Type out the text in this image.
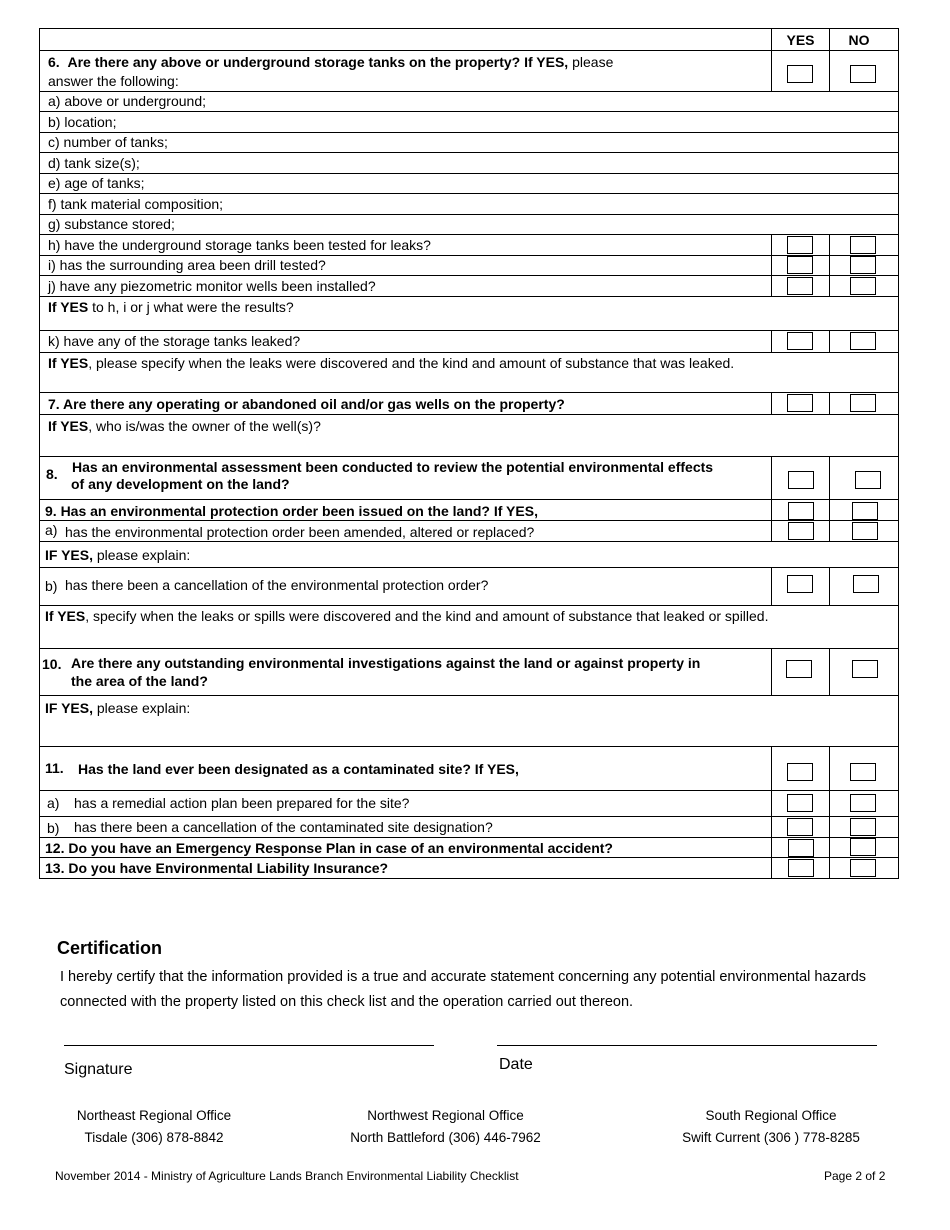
YES	NO
6. Are there any above or underground storage tanks on the property? If YES, please
answer the following:
a) above or underground;
b) location;
c) number of tanks;
d) tank size(s);
e) age of tanks;
f) tank material composition;
g) substance stored;
h) have the underground storage tanks been tested for leaks?
i) has the surrounding area been drill tested?
j) have any piezometric monitor wells been installed?
If YES to h, i or j what were the results?
k) have any of the storage tanks leaked?
If YES, please specify when the leaks were discovered and the kind and amount of substance that was leaked.
7. Are there any operating or abandoned oil and/or gas wells on the property?
If YES, who is/was the owner of the well(s)?
8. Has an environmental assessment been conducted to review the potential environmental effects
of any development on the land?
9. Has an environmental protection order been issued on the land? If YES,
a) has the environmental protection order been amended, altered or replaced?
IF YES, please explain:
b) has there been a cancellation of the environmental protection order?
If YES, specify when the leaks or spills were discovered and the kind and amount of substance that leaked or spilled.
10. Are there any outstanding environmental investigations against the land or against property in
the area of the land?
IF YES, please explain:
11. Has the land ever been designated as a contaminated site? If YES,
a) has a remedial action plan been prepared for the site?
b) has there been a cancellation of the contaminated site designation?
12. Do you have an Emergency Response Plan in case of an environmental accident?
13. Do you have Environmental Liability Insurance?
Certification
I hereby certify that the information provided is a true and accurate statement concerning any potential environmental hazards connected with the property listed on this check list and the operation carried out thereon.
Signature	Date
Northeast Regional Office
Tisdale (306) 878-8842
Northwest Regional Office
North Battleford (306) 446-7962
South Regional Office
Swift Current (306 ) 778-8285
November 2014 - Ministry of Agriculture Lands Branch Environmental Liability Checklist	Page 2 of 2
